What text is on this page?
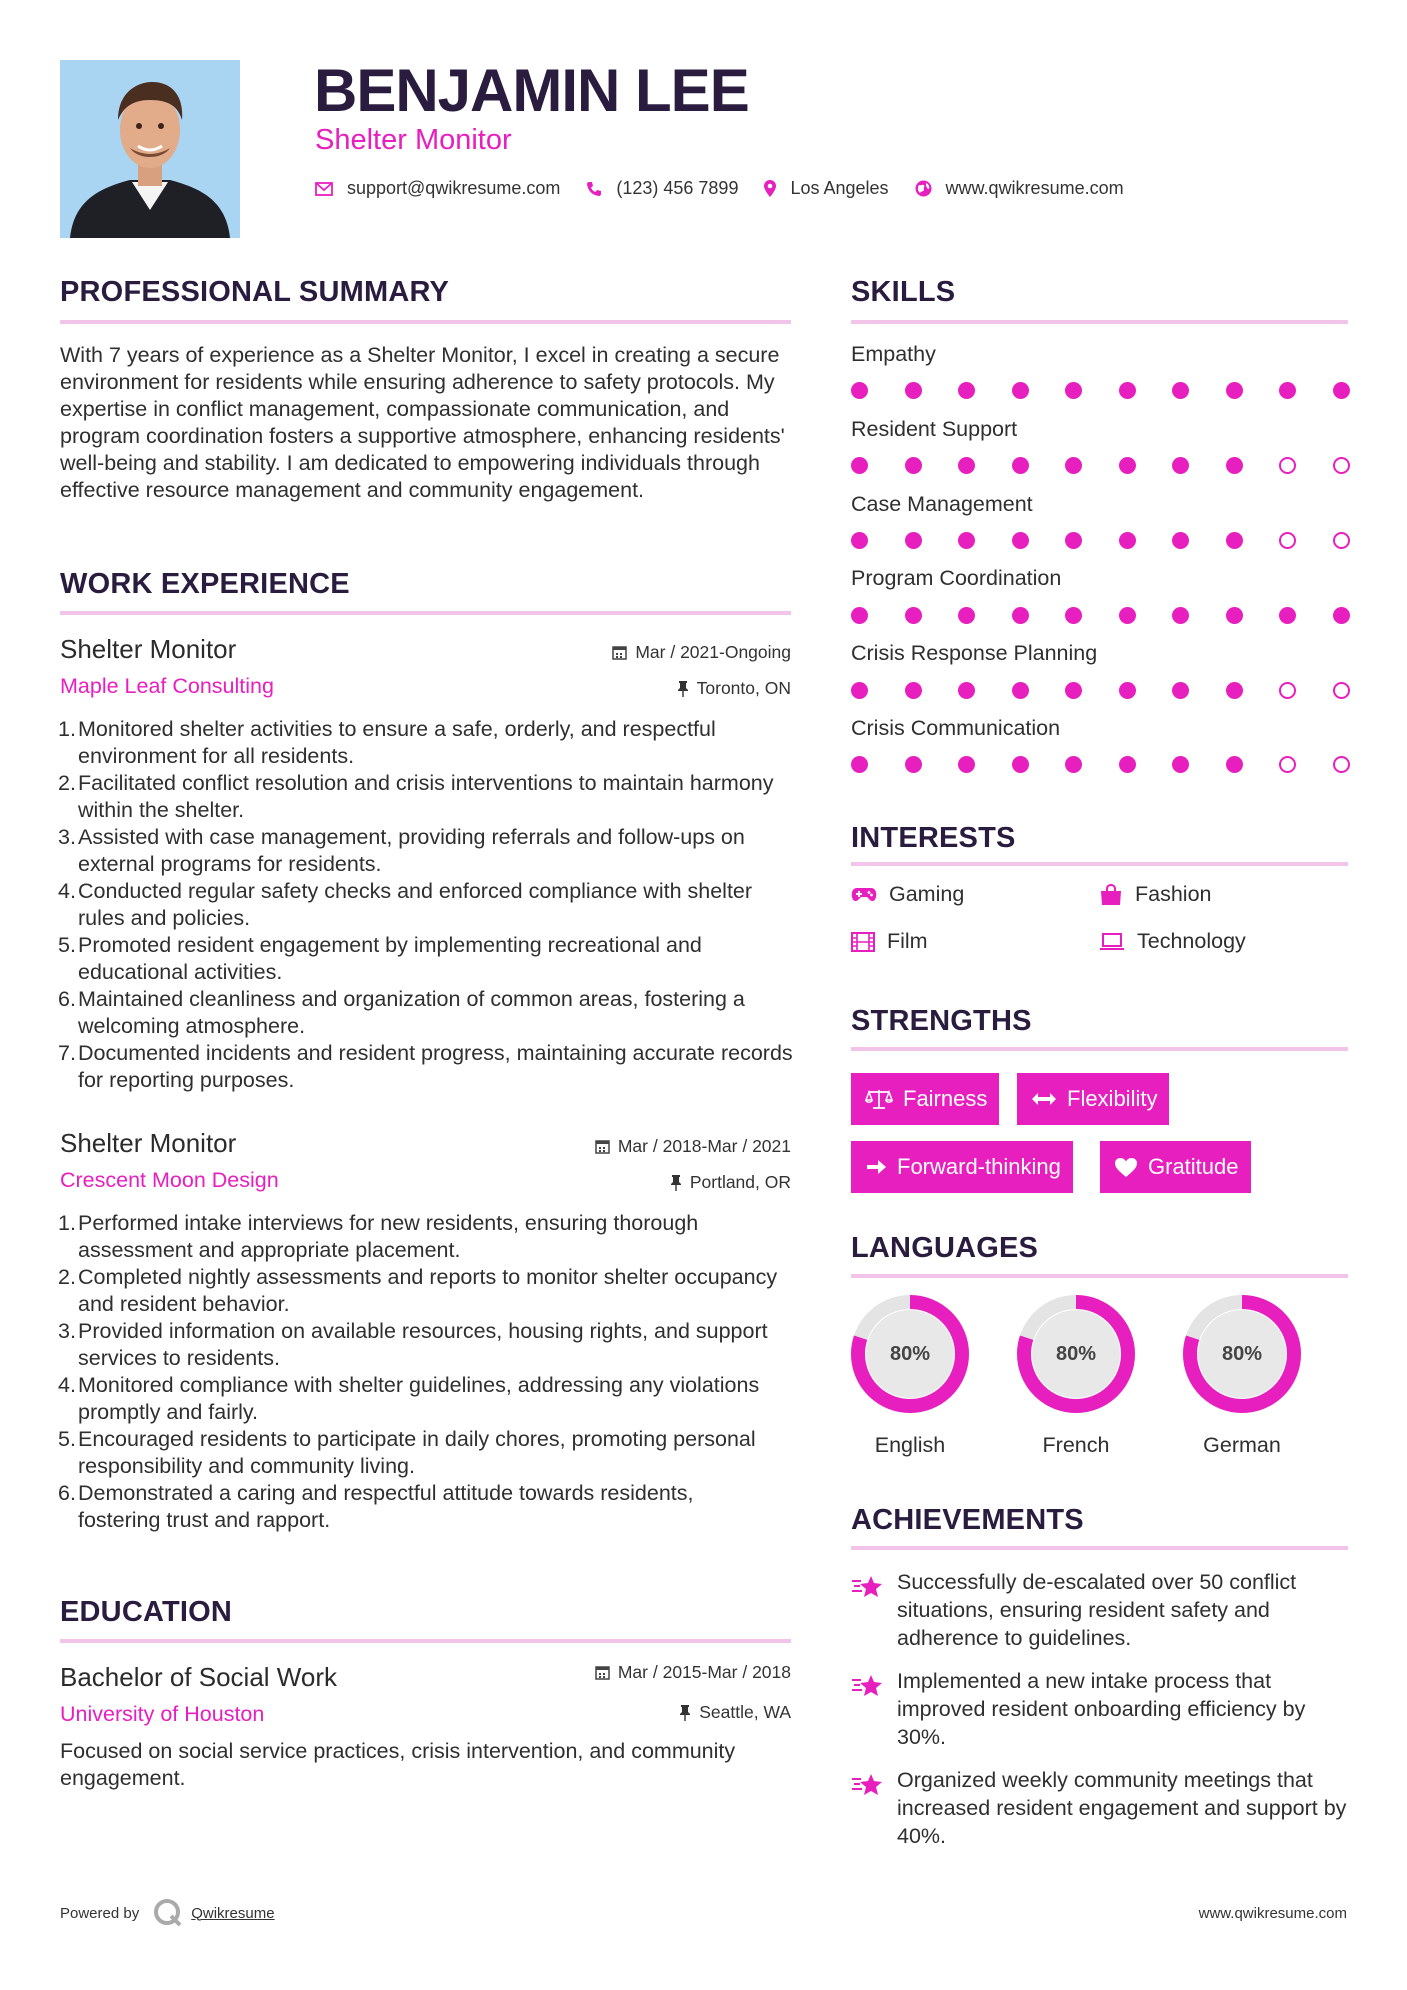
BENJAMIN LEE
Shelter Monitor
support@qwikresume.com	(123) 456 7899	Los Angeles	www.qwikresume.com
PROFESSIONAL SUMMARY
With 7 years of experience as a Shelter Monitor, I excel in creating a secure environment for residents while ensuring adherence to safety protocols. My expertise in conflict management, compassionate communication, and program coordination fosters a supportive atmosphere, enhancing residents' well-being and stability. I am dedicated to empowering individuals through effective resource management and community engagement.
WORK EXPERIENCE
Shelter Monitor	Mar / 2021-Ongoing
Maple Leaf Consulting	Toronto, ON
1. Monitored shelter activities to ensure a safe, orderly, and respectful environment for all residents.
2. Facilitated conflict resolution and crisis interventions to maintain harmony within the shelter.
3. Assisted with case management, providing referrals and follow-ups on external programs for residents.
4. Conducted regular safety checks and enforced compliance with shelter rules and policies.
5. Promoted resident engagement by implementing recreational and educational activities.
6. Maintained cleanliness and organization of common areas, fostering a welcoming atmosphere.
7. Documented incidents and resident progress, maintaining accurate records for reporting purposes.
Shelter Monitor	Mar / 2018-Mar / 2021
Crescent Moon Design	Portland, OR
1. Performed intake interviews for new residents, ensuring thorough assessment and appropriate placement.
2. Completed nightly assessments and reports to monitor shelter occupancy and resident behavior.
3. Provided information on available resources, housing rights, and support services to residents.
4. Monitored compliance with shelter guidelines, addressing any violations promptly and fairly.
5. Encouraged residents to participate in daily chores, promoting personal responsibility and community living.
6. Demonstrated a caring and respectful attitude towards residents, fostering trust and rapport.
EDUCATION
Bachelor of Social Work	Mar / 2015-Mar / 2018
University of Houston	Seattle, WA
Focused on social service practices, crisis intervention, and community engagement.
SKILLS
Empathy
Resident Support
Case Management
Program Coordination
Crisis Response Planning
Crisis Communication
INTERESTS
Gaming	Fashion
Film	Technology
STRENGTHS
Fairness	Flexibility
Forward-thinking	Gratitude
LANGUAGES
80%
English
80%
French
80%
German
ACHIEVEMENTS
Successfully de-escalated over 50 conflict situations, ensuring resident safety and adherence to guidelines.
Implemented a new intake process that improved resident onboarding efficiency by 30%.
Organized weekly community meetings that increased resident engagement and support by 40%.
Powered by	Qwikresume	www.qwikresume.com
